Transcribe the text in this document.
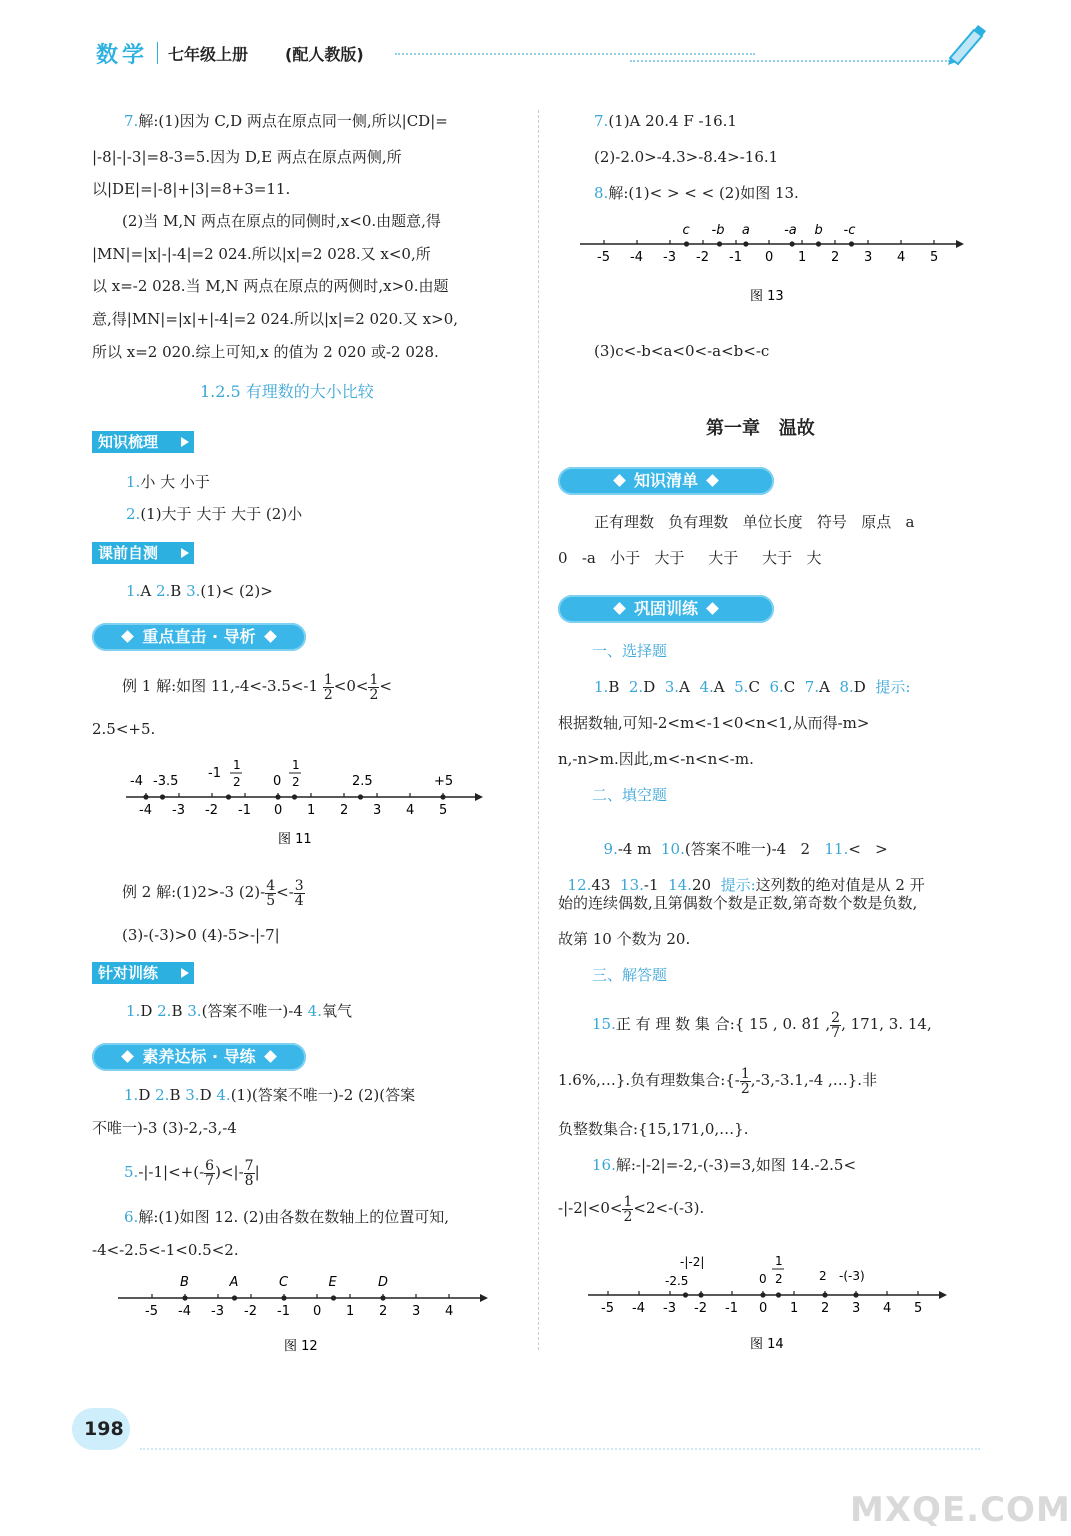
数学 七年级上册 (配人教版)
7.解:(1)因为 C,D 两点在原点同一侧,所以|CD|=
|-8|-|-3|=8-3=5.因为 D,E 两点在原点两侧,所
以|DE|=|-8|+|3|=8+3=11.
(2)当 M,N 两点在原点的同侧时,x<0.由题意,得
|MN|=|x|-|-4|=2 024.所以|x|=2 028.又 x<0,所
以 x=-2 028.当 M,N 两点在原点的两侧时,x>0.由题
意,得|MN|=|x|+|-4|=2 024.所以|x|=2 020.又 x>0,
所以 x=2 020.综上可知,x 的值为 2 020 或-2 028.
1.2.5 有理数的大小比较
知识梳理
1.小 大 小于
2.(1)大于 大于 大于 (2)小
课前自测
1.A 2.B 3.(1)< (2)>
重点直击 · 导析
例 1 解:如图 $11,-4<-3.5<-1 \frac{1}{2} <0< \frac{1}{2}$ <
2.5<+5.
-4 -3 -2 -1 0 1 2 3 4 5
-4 -3.5
-1
1
2 0
1
2	2.5	+5
图 11
例 2 解:(1)2>-3 $(2)- \frac{4}{5} <- \frac{3}{4}$
(3)-(-3)>0 (4)-5>-|-7|
针对训练
1.D 2.B 3.(答案不唯一)-4 4.氧气
素养达标 · 导练
1.D 2.B 3.D 4.(1)(答案不唯一)-2 (2)(答案
不唯一)-3 (3)-2,-3,-4
$5.-|-1|<+(- \frac{6}{7}$ )<|- $\frac{7}{8}$ |
6.解:(1)如图 12. (2)由各数在数轴上的位置可知,
-4<-2.5<-1<0.5<2.
-5 -4 -3 -2 -1 0 1 2 3 4
B	A	C	E	D
图 12
198
7.(1)A 20.4 F -16.1
(2)-2.0>-4.3>-8.4>-16.1
8.解:(1)< > < < (2)如图 13.
-5 -4 -3 -2 -1 0 1 2 3 4 5
c -b a	-a b -c
图 13
(3)c<-b<a<0<-a<b<-c
第一章   温故
知识清单
正有理数   负有理数   单位长度   符号   原点   a
0   -a   小于   大于     大于     大于   大
巩固训练
一、选择题
1.B  2.D  3.A  4.A  5.C  6.C  7.A  8.D  提示:
根据数轴,可知-2<m<-1<0<n<1,从而得-m>
n,-n>m.因此,m<-n<n<-m.
二、填空题

9.-4 m 10.(答案不唯一)-4   2 11.<   >

12.43 13.-1 14.20 提示:这列数的绝对值是从 2 开

始的连续偶数,且第偶数个数是正数,第奇数个数是负数,
故第 10 个数为 20.
三、解答题
15.正 有 理 数 集 合:{ 15 , 0. 8̇1̇ , $\frac{2}{7}$ , 171, 3. 14,
1.6%,…}.负有理数集合:{- $\frac{1}{2} ,-3,-3.1,-4$ ,…}.非
负整数集合:{15,171,0,…}.
16.解:-|-2|=-2,-(-3)=3,如图 14.-2.5<
$-|-2|<0< \frac{1}{2} <2<-(-3)$.
-5 -4 -3 -2 -1 0 1 2 3 4 5
-|-2|
-2.5	0
1
2	2 -(-3)
图 14
MXQE.COM
